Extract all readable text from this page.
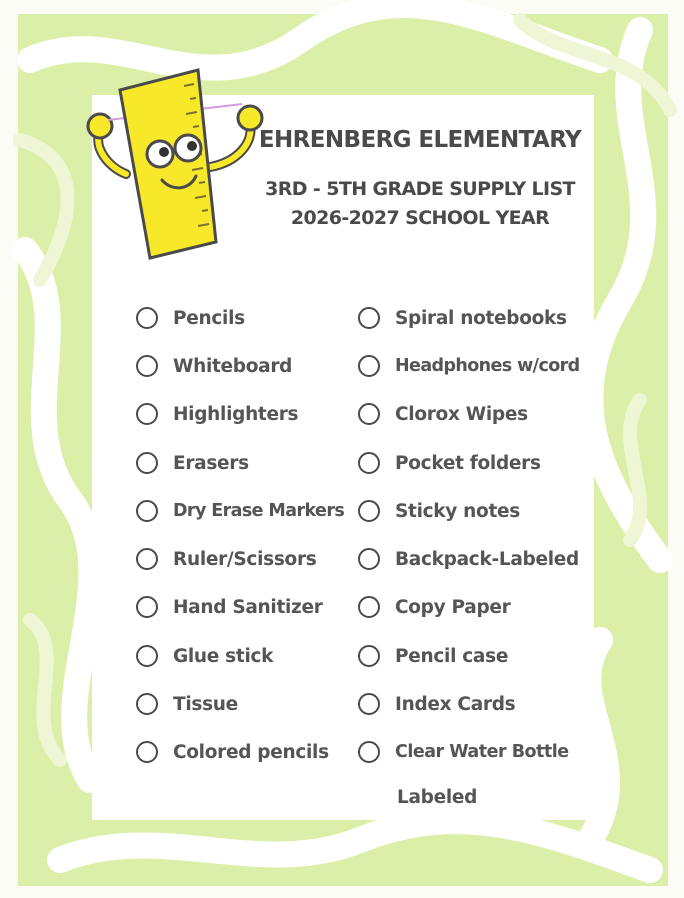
EHRENBERG ELEMENTARY
3RD - 5TH GRADE SUPPLY LIST
2026-2027 SCHOOL YEAR
Pencils
Whiteboard
Highlighters
Erasers
Dry Erase Markers
Ruler/Scissors
Hand Sanitizer
Glue stick
Tissue
Colored pencils
Spiral notebooks
Headphones w/cord
Clorox Wipes
Pocket folders
Sticky notes
Backpack-Labeled
Copy Paper
Pencil case
Index Cards
Clear Water Bottle
Labeled
